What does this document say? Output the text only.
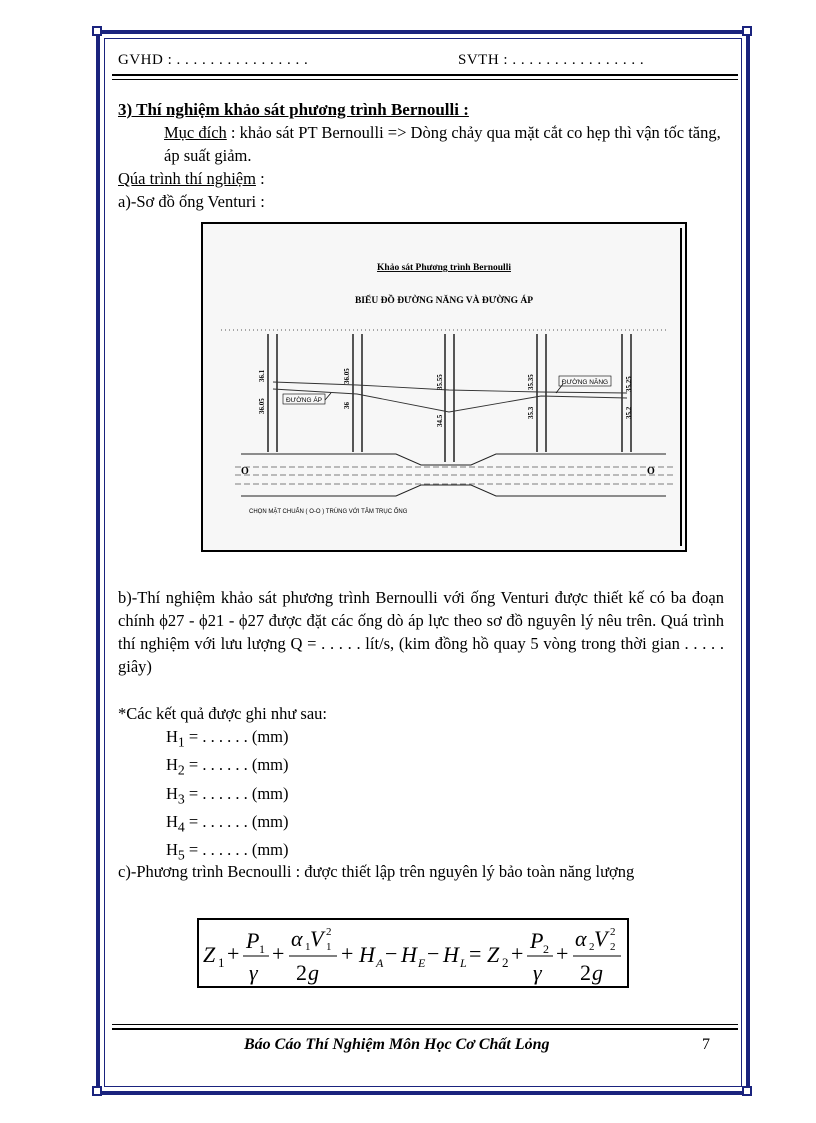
GVHD : . . . . . . . . . . . . . . . .	SVTH : . . . . . . . . . . . . . . . .
3) Thí nghiệm khảo sát phương trình Bernoulli :
Mục đích : khảo sát PT Bernoulli => Dòng chảy qua mặt cắt co hẹp thì vận tốc tăng, áp suất giảm.
Qúa trình thí nghiệm :
a)-Sơ đồ ống Venturi :
Khảo sát Phương trình Bernoulli
BIỂU ĐỒ ĐƯỜNG NĂNG VÀ ĐƯỜNG ÁP
ĐƯỜNG NĂNG
ĐƯỜNG ÁP
36.1
36.05
36.05
36
35.55
34.5
35.35
35.3
35.25
35.2
O	O
CHỌN MẶT CHUẨN ( O-O ) TRÙNG VỚI TÂM TRỤC ỐNG
b)-Thí nghiệm khảo sát phương trình Bernoulli với ống Venturi được thiết kế có ba đoạn chính ϕ27 - ϕ21 - ϕ27 được đặt các ống dò áp lực theo sơ đồ nguyên lý nêu trên. Quá trình thí nghiệm với lưu lượng Q = . . . . . lít/s, (kim đồng hồ quay 5 vòng trong thời gian . . . . . giây)
*Các kết quả được ghi như sau:
$H_1$ = . . . . . . (mm)
$H_2$ = . . . . . . (mm)
$H_3$ = . . . . . . (mm)
$H_4$ = . . . . . . (mm)
$H_5$ = . . . . . . (mm)
c)-Phương trình Becnoulli : được thiết lập trên nguyên lý bảo toàn năng lượng
Z 1 +
P 1
γ
+
α 1 V 1
2
2 g
+ H A − H E − H L = Z 2 +
P 2
γ
+
α 2 V 2
2
2 g
Báo Cáo Thí Nghiệm Môn Học Cơ Chất Lỏng	7
